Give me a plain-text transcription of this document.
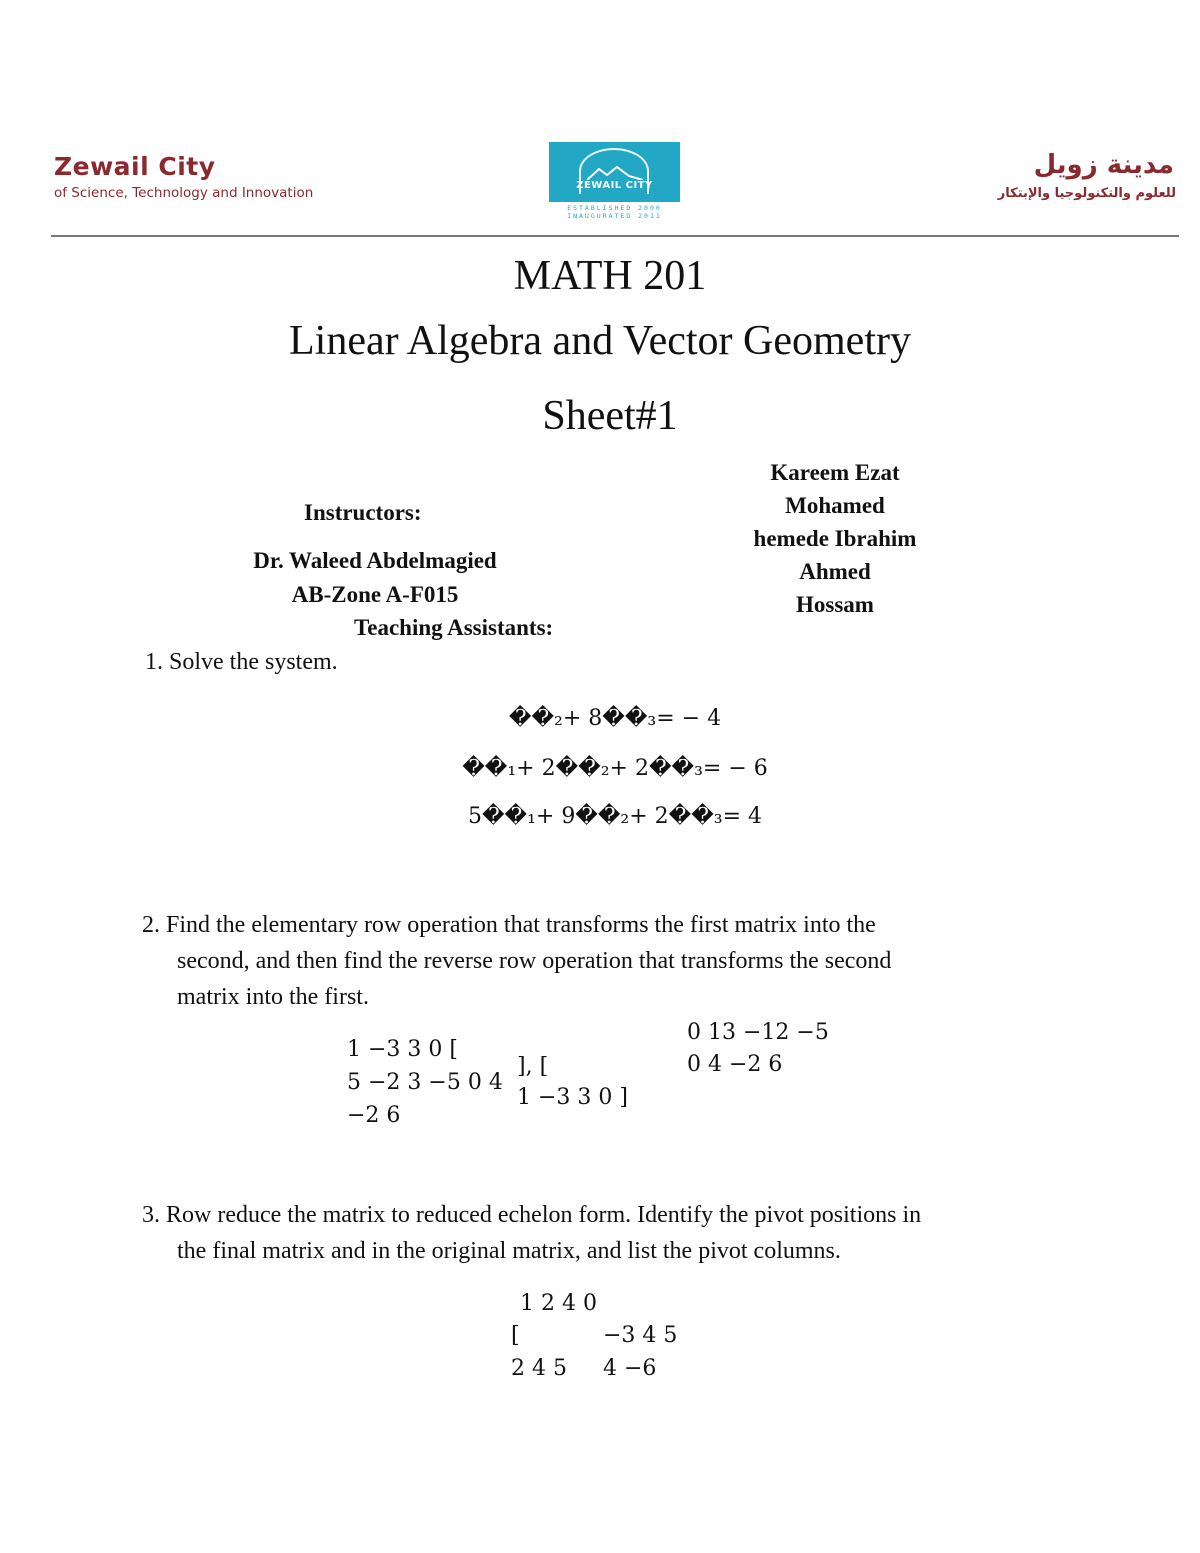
Zewail City
of Science, Technology and Innovation	ZEWAIL CITY
ESTABLISHED 2000
INAUGURATED 2011
مدينة زويل
للعلوم والتكنولوجيا والإبتكار
MATH 201
Linear Algebra and Vector Geometry
Sheet#1
Instructors:
Dr. Waleed Abdelmagied
AB-Zone A-F015
Teaching Assistants:
Kareem Ezat
Mohamed
hemede Ibrahim
Ahmed
Hossam
1. Solve the system.
��₂+ 8��₃= − 4
��₁+ 2��₂+ 2��₃= − 6
5��₁+ 9��₂+ 2��₃= 4
2. Find the elementary row operation that transforms the first matrix into the
second, and then find the reverse row operation that transforms the second
matrix into the first.
1 −3 3 0 [
5 −2 3 −5 0 4
−2 6
], [
1 −3 3 0 ]
0 13 −12 −5
0 4 −2 6
3. Row reduce the matrix to reduced echelon form. Identify the pivot positions in
the final matrix and in the original matrix, and list the pivot columns.
1 2 4 0
[	−3 4 5
2 4 5 4 −6
